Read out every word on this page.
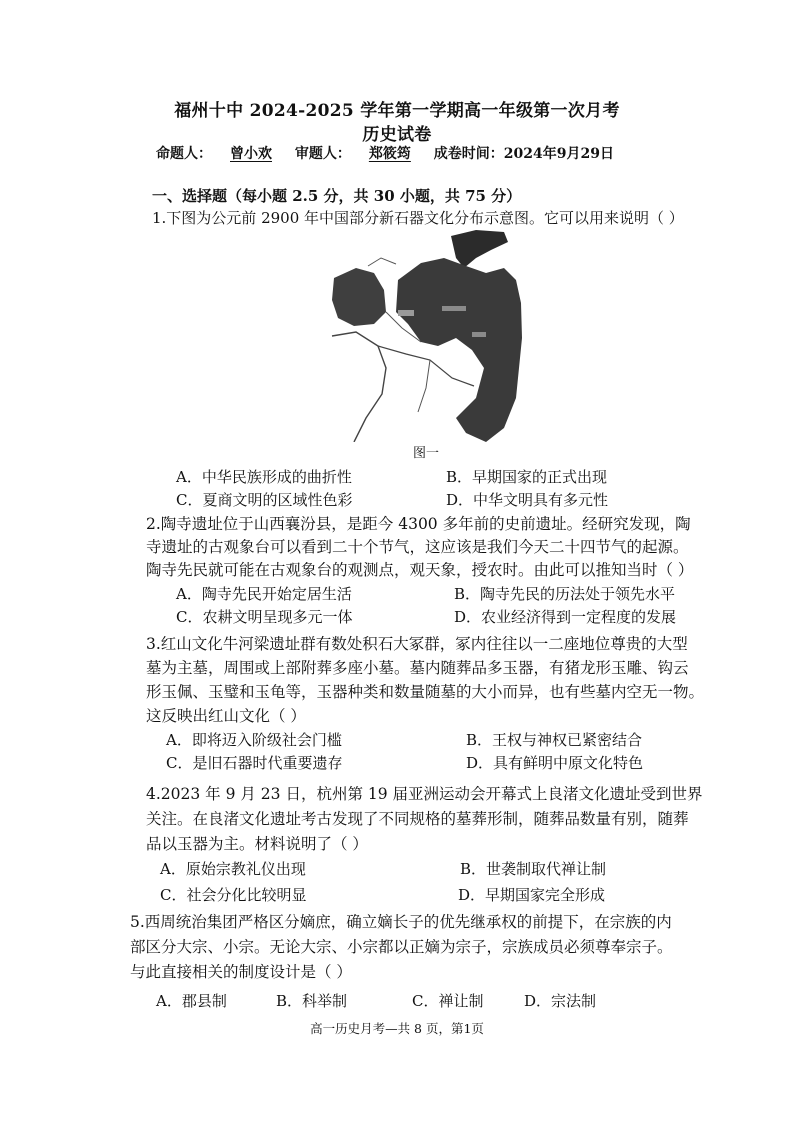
福州十中 2024-2025 学年第一学期高一年级第一次月考
历史试卷
命题人： 曾小欢 审题人： 郑筱筠 成卷时间：2024年9月29日
一、选择题（每小题 2.5 分，共 30 小题，共 75 分）
1.下图为公元前 2900 年中国部分新石器文化分布示意图。它可以用来说明（ ）
图一
A．中华民族形成的曲折性	B．早期国家的正式出现
C．夏商文明的区域性色彩	D．中华文明具有多元性
2.陶寺遗址位于山西襄汾县，是距今 4300 多年前的史前遗址。经研究发现，陶
寺遗址的古观象台可以看到二十个节气，这应该是我们今天二十四节气的起源。
陶寺先民就可能在古观象台的观测点，观天象，授农时。由此可以推知当时（ ）
A．陶寺先民开始定居生活	B．陶寺先民的历法处于领先水平
C．农耕文明呈现多元一体	D．农业经济得到一定程度的发展
3.红山文化牛河梁遗址群有数处积石大冢群，冢内往往以一二座地位尊贵的大型
墓为主墓，周围或上部附葬多座小墓。墓内随葬品多玉器，有猪龙形玉雕、钩云
形玉佩、玉璧和玉龟等，玉器种类和数量随墓的大小而异，也有些墓内空无一物。
这反映出红山文化（ ）
A．即将迈入阶级社会门槛	B．王权与神权已紧密结合
C．是旧石器时代重要遗存	D．具有鲜明中原文化特色
4.2023 年 9 月 23 日，杭州第 19 届亚洲运动会开幕式上良渚文化遗址受到世界
关注。在良渚文化遗址考古发现了不同规格的墓葬形制，随葬品数量有别，随葬
品以玉器为主。材料说明了（ ）
A．原始宗教礼仪出现	B．世袭制取代禅让制
C．社会分化比较明显	D．早期国家完全形成
5.西周统治集团严格区分嫡庶，确立嫡长子的优先继承权的前提下，在宗族的内
部区分大宗、小宗。无论大宗、小宗都以正嫡为宗子，宗族成员必须尊奉宗子。
与此直接相关的制度设计是（ ）
A．郡县制	B．科举制	C．禅让制	D．宗法制
高一历史月考—共 8 页，第1页
